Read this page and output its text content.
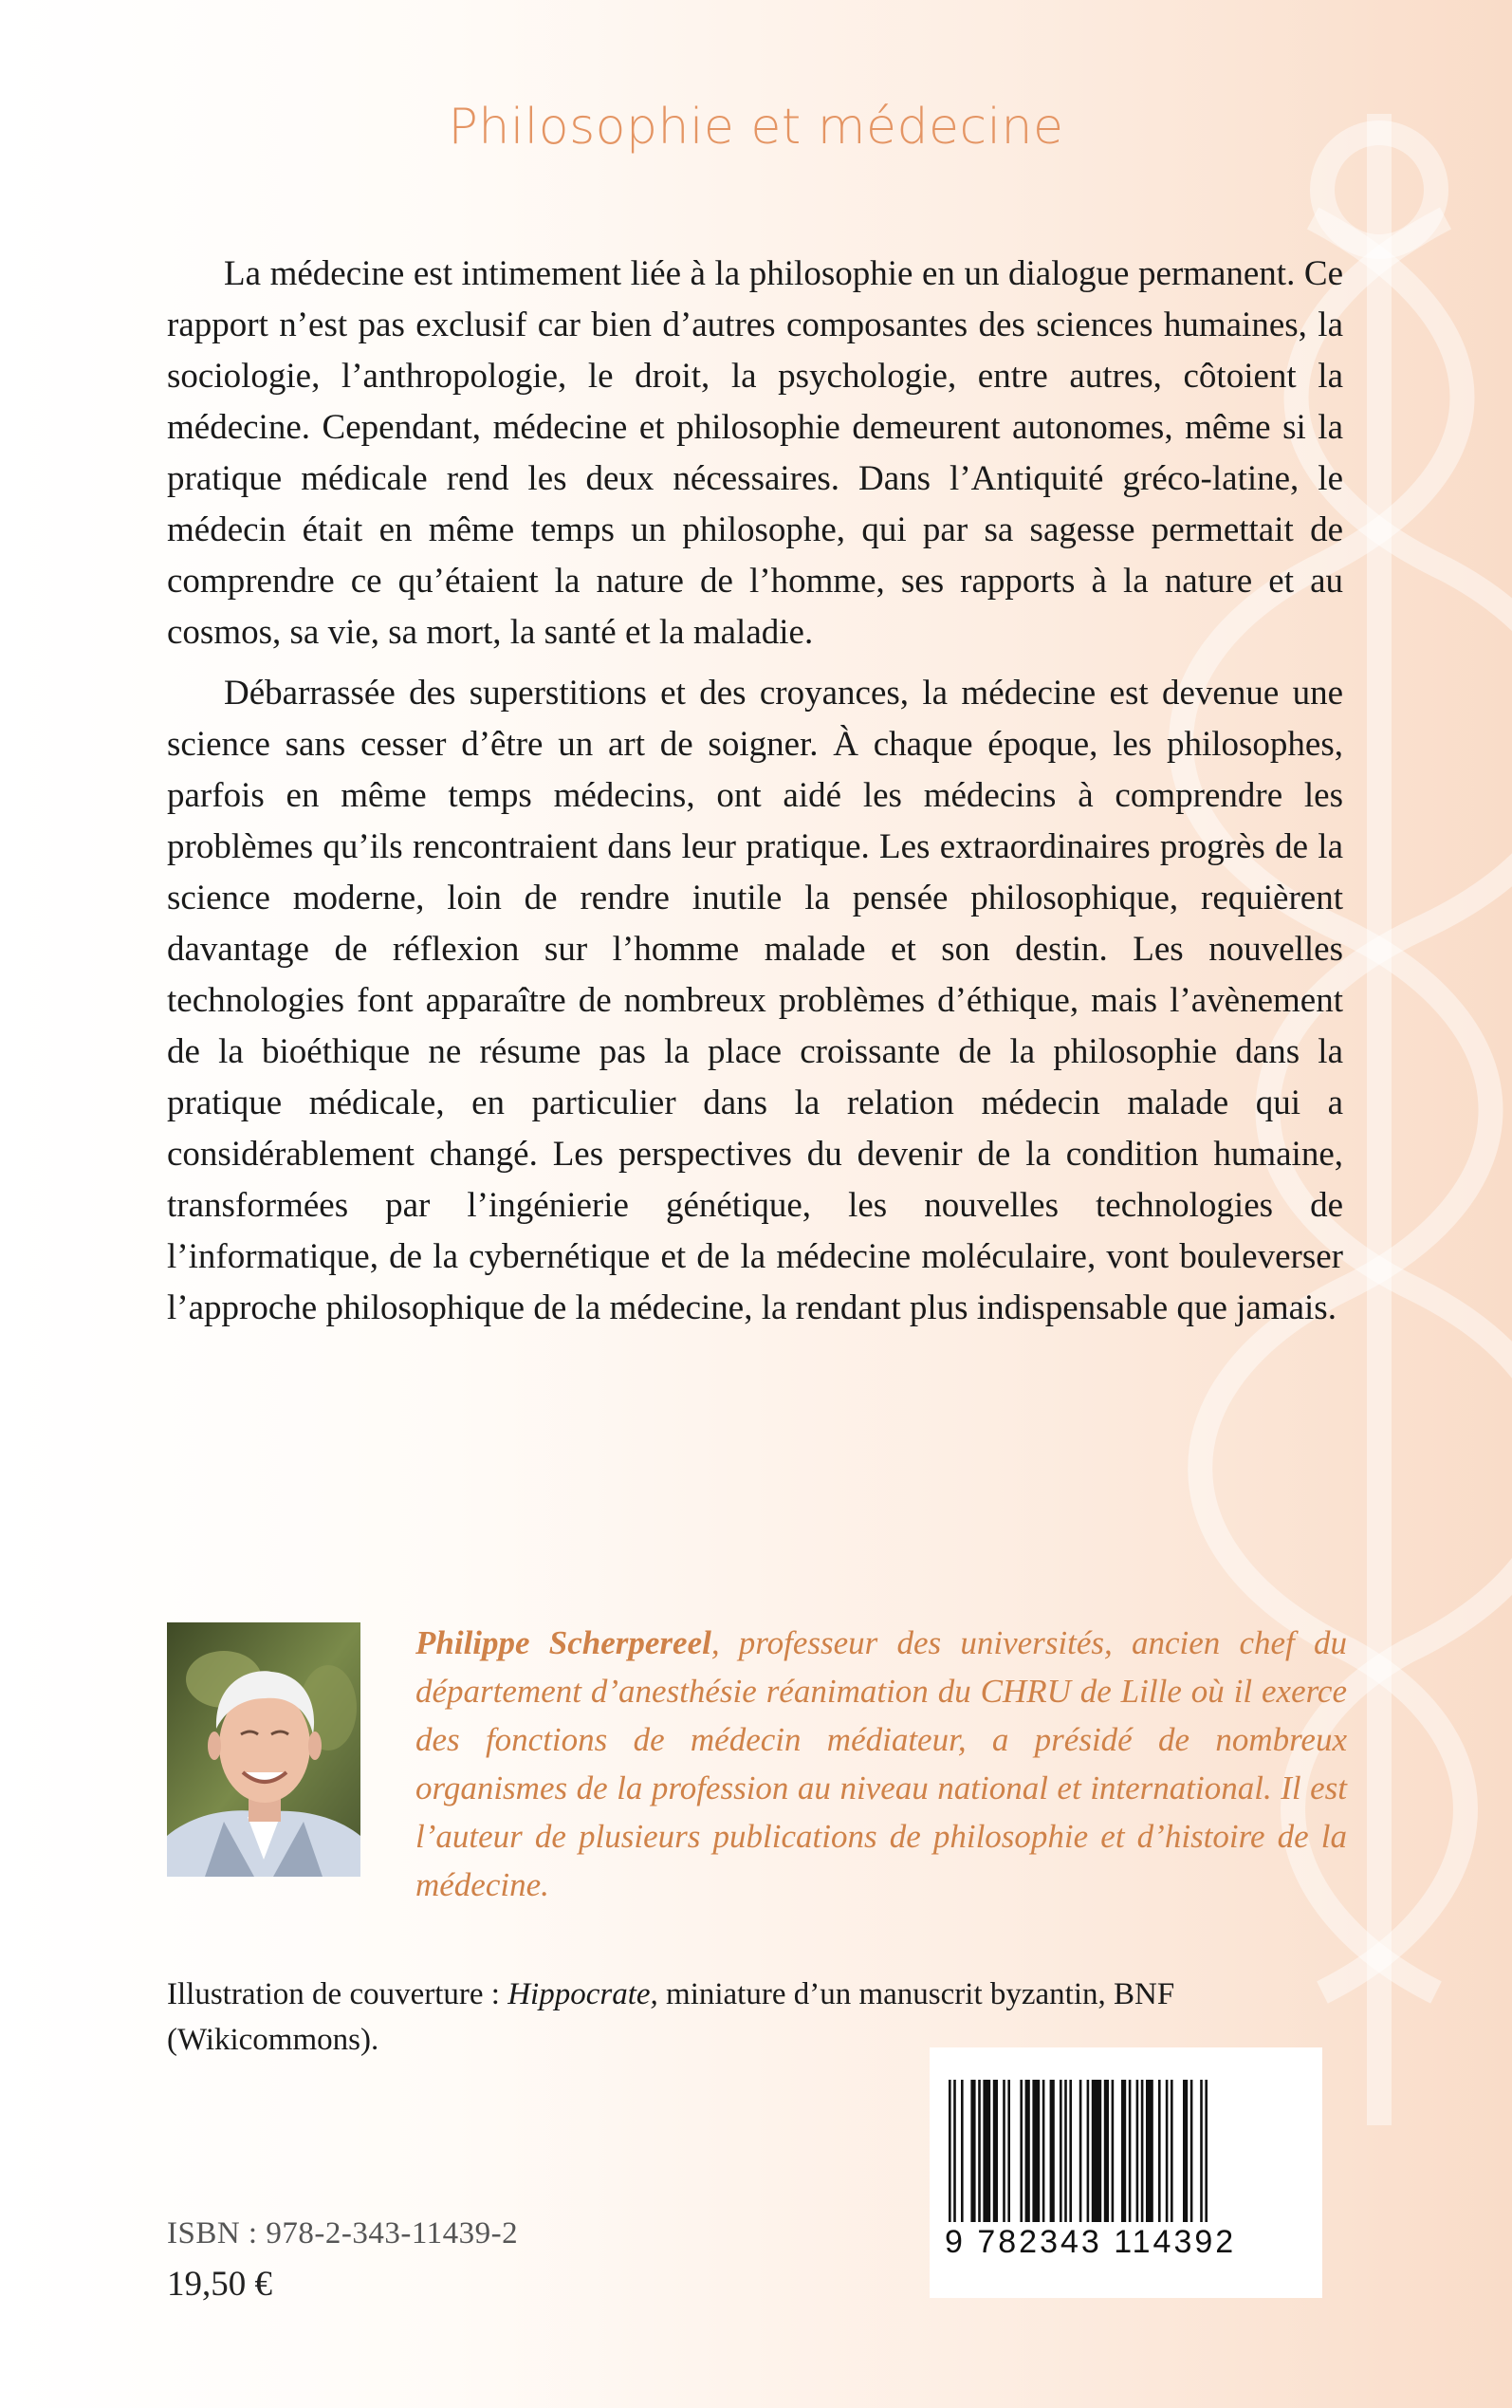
Philosophie et médecine

La médecine est intimement liée à la philosophie en un dialogue permanent. Ce rapport n’est pas exclusif car bien d’autres composantes des sciences humaines, la sociologie, l’anthropologie, le droit, la psychologie, entre autres, côtoient la médecine. Cependant, médecine et philosophie demeurent autonomes, même si la pratique médicale rend les deux nécessaires. Dans l’Antiquité gréco-latine, le médecin était en même temps un philosophe, qui par sa sagesse permettait de comprendre ce qu’étaient la nature de l’homme, ses rapports à la nature et au cosmos, sa vie, sa mort, la santé et la maladie.

Débarrassée des superstitions et des croyances, la médecine est devenue une science sans cesser d’être un art de soigner. À chaque époque, les philosophes, parfois en même temps médecins, ont aidé les médecins à comprendre les problèmes qu’ils rencontraient dans leur pratique. Les extraordinaires progrès de la science moderne, loin de rendre inutile la pensée philosophique, requièrent davantage de réflexion sur l’homme malade et son destin. Les nouvelles technologies font apparaître de nombreux problèmes d’éthique, mais l’avènement de la bioéthique ne résume pas la place croissante de la philosophie dans la pratique médicale, en particulier dans la relation médecin malade qui a considérablement changé. Les perspectives du devenir de la condition humaine, transformées par l’ingénierie génétique, les nouvelles technologies de l’informatique, de la cybernétique et de la médecine moléculaire, vont bouleverser l’approche philosophique de la médecine, la rendant plus indispensable que jamais.

Philippe Scherpereel, professeur des universités, ancien chef du département d’anesthésie réanimation du CHRU de Lille où il exerce des fonctions de médecin médiateur, a présidé de nombreux organismes de la profession au niveau national et international. Il est l’auteur de plusieurs publications de philosophie et d’histoire de la médecine.
Illustration de couverture : Hippocrate, miniature d’un manuscrit byzantin, BNF (Wikicommons).
9 782343 114392
ISBN : 978-2-343-11439-2
19,50 €
